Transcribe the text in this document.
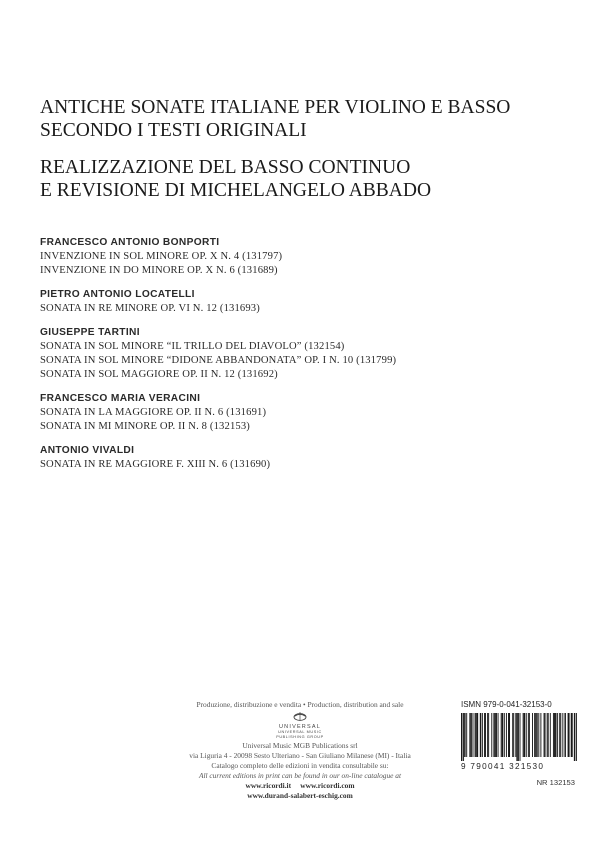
ANTICHE SONATE ITALIANE PER VIOLINO E BASSO
SECONDO I TESTI ORIGINALI
REALIZZAZIONE DEL BASSO CONTINUO
E REVISIONE DI MICHELANGELO ABBADO
FRANCESCO ANTONIO BONPORTI
INVENZIONE IN SOL MINORE OP. X N. 4 (131797)
INVENZIONE IN DO MINORE OP. X N. 6 (131689)
PIETRO ANTONIO LOCATELLI
SONATA IN RE MINORE OP. VI N. 12 (131693)
GIUSEPPE TARTINI
SONATA IN SOL MINORE “IL TRILLO DEL DIAVOLO” (132154)
SONATA IN SOL MINORE “DIDONE ABBANDONATA” OP. I N. 10 (131799)
SONATA IN SOL MAGGIORE OP. II N. 12 (131692)
FRANCESCO MARIA VERACINI
SONATA IN LA MAGGIORE OP. II N. 6 (131691)
SONATA IN MI MINORE OP. II N. 8 (132153)
ANTONIO VIVALDI
SONATA IN RE MAGGIORE F. XIII N. 6 (131690)
Produzione, distribuzione e vendita • Production, distribution and sale
UNIVERSAL
UNIVERSAL MUSIC
PUBLISHING GROUP
Universal Music MGB Publications srl
via Liguria 4 - 20098 Sesto Ulteriano - San Giuliano Milanese (MI) - Italia
Catalogo completo delle edizioni in vendita consultabile su:
All current editions in print can be found in our on-line catalogue at
www.ricordi.it     www.ricordi.com
www.durand-salabert-eschig.com
ISMN 979-0-041-32153-0
9 790041 321530
NR 132153
